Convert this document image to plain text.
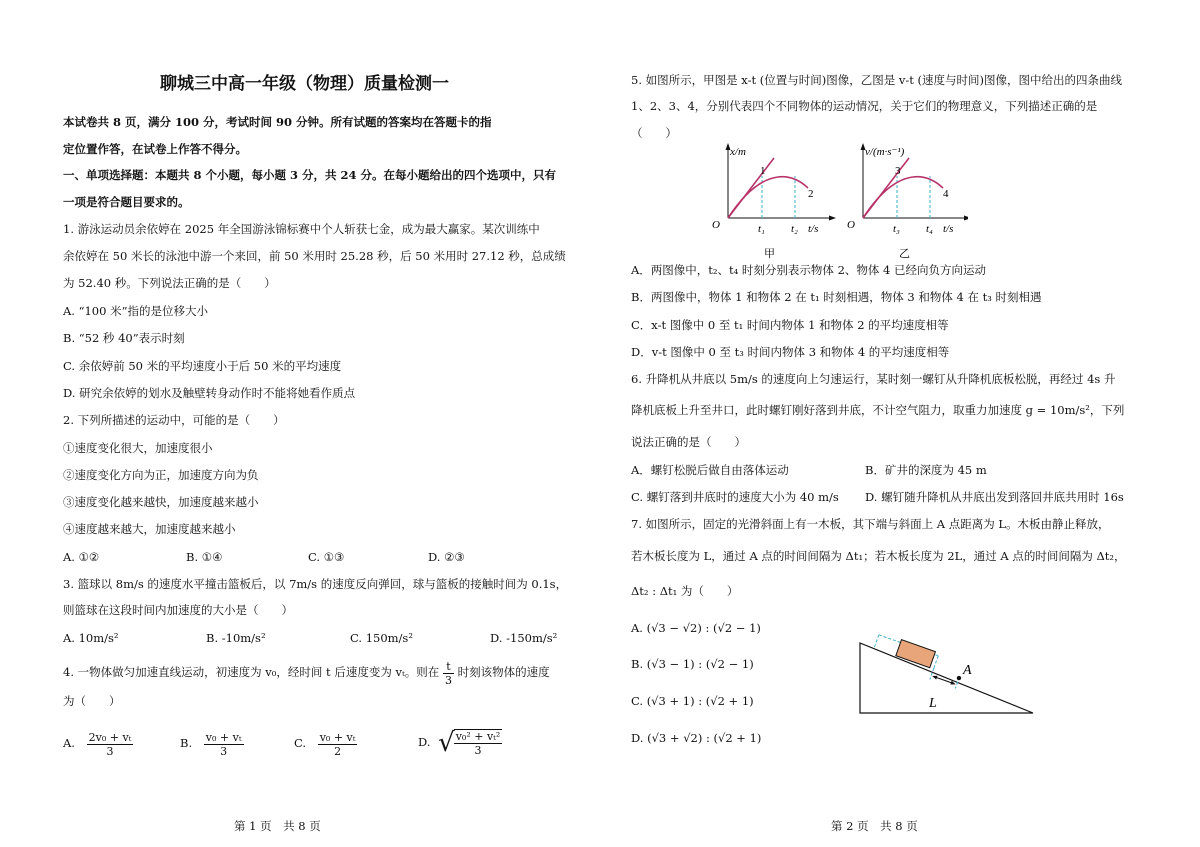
聊城三中高一年级（物理）质量检测一
本试卷共 8 页，满分 100 分，考试时间 90 分钟。所有试题的答案均在答题卡的指
定位置作答，在试卷上作答不得分。
一、单项选择题：本题共 8 个小题，每小题 3 分，共 24 分。在每小题给出的四个选项中，只有
一项是符合题目要求的。
1. 游泳运动员余依婷在 2025 年全国游泳锦标赛中个人斩获七金，成为最大赢家。某次训练中
余依婷在 50 米长的泳池中游一个来回，前 50 米用时 25.28 秒，后 50 米用时 27.12 秒，总成绩
为 52.40 秒。下列说法正确的是（　　）
A. “100 米”指的是位移大小
B. “52 秒 40”表示时刻
C. 余依婷前 50 米的平均速度小于后 50 米的平均速度
D. 研究余依婷的划水及触壁转身动作时不能将她看作质点
2. 下列所描述的运动中，可能的是（　　）
①速度变化很大，加速度很小
②速度变化方向为正，加速度方向为负
③速度变化越来越快，加速度越来越小
④速度越来越大，加速度越来越小
A. ①②	B. ①④	C. ①③	D. ②③
3. 篮球以 8m/s 的速度水平撞击篮板后，以 7m/s 的速度反向弹回，球与篮板的接触时间为 0.1s，
则篮球在这段时间内加速度的大小是（　　）
A. 10m/s²	B. -10m/s²	C. 150m/s²	D. -150m/s²
4. 一物体做匀加速直线运动，初速度为 v₀，经时间 t 后速度变为 vₜ。则在 $\frac{t}{3}$ 时刻该物体的速度
为（　　）
A. $\frac{\text{2v₀ + vₜ}}{3}$	B. $\frac{\text{v₀ + vₜ}}{3}$	C. $\frac{\text{v₀ + vₜ}}{2}$	D. √ $\frac{\text{v₀² + vₜ²}}{3}$
第 1 页　共 8 页
5. 如图所示，甲图是 x-t (位置与时间)图像，乙图是 v-t (速度与时间)图像，图中给出的四条曲线
1、2、3、4，分别代表四个不同物体的运动情况，关于它们的物理意义，下列描述正确的是
（　　）
x/m
O
1
2
t₁ t₂ t/s
甲
v/(m·s⁻¹)
O
3
4
t₃ t₄ t/s
乙
A．两图像中，t₂、t₄ 时刻分别表示物体 2、物体 4 已经向负方向运动
B．两图像中，物体 1 和物体 2 在 t₁ 时刻相遇，物体 3 和物体 4 在 t₃ 时刻相遇
C．x-t 图像中 0 至 t₁ 时间内物体 1 和物体 2 的平均速度相等
D．v-t 图像中 0 至 t₃ 时间内物体 3 和物体 4 的平均速度相等
6. 升降机从井底以 5m/s 的速度向上匀速运行，某时刻一螺钉从升降机底板松脱，再经过 4s 升
降机底板上升至井口，此时螺钉刚好落到井底，不计空气阻力，取重力加速度 g = 10m/s²，下列
说法正确的是（　　）
A．螺钉松脱后做自由落体运动	B．矿井的深度为 45 m
C. 螺钉落到井底时的速度大小为 40 m/s D. 螺钉随升降机从井底出发到落回井底共用时 16s
7. 如图所示，固定的光滑斜面上有一木板，其下端与斜面上 A 点距离为 L。木板由静止释放，
若木板长度为 L，通过 A 点的时间间隔为 Δt₁；若木板长度为 2L，通过 A 点的时间间隔为 Δt₂，
Δt₂ : Δt₁ 为（　　）
A. (√3 − √2) : (√2 − 1)
B. (√3 − 1) : (√2 − 1)
C. (√3 + 1) : (√2 + 1)
D. (√3 + √2) : (√2 + 1)
A
L
第 2 页　共 8 页
